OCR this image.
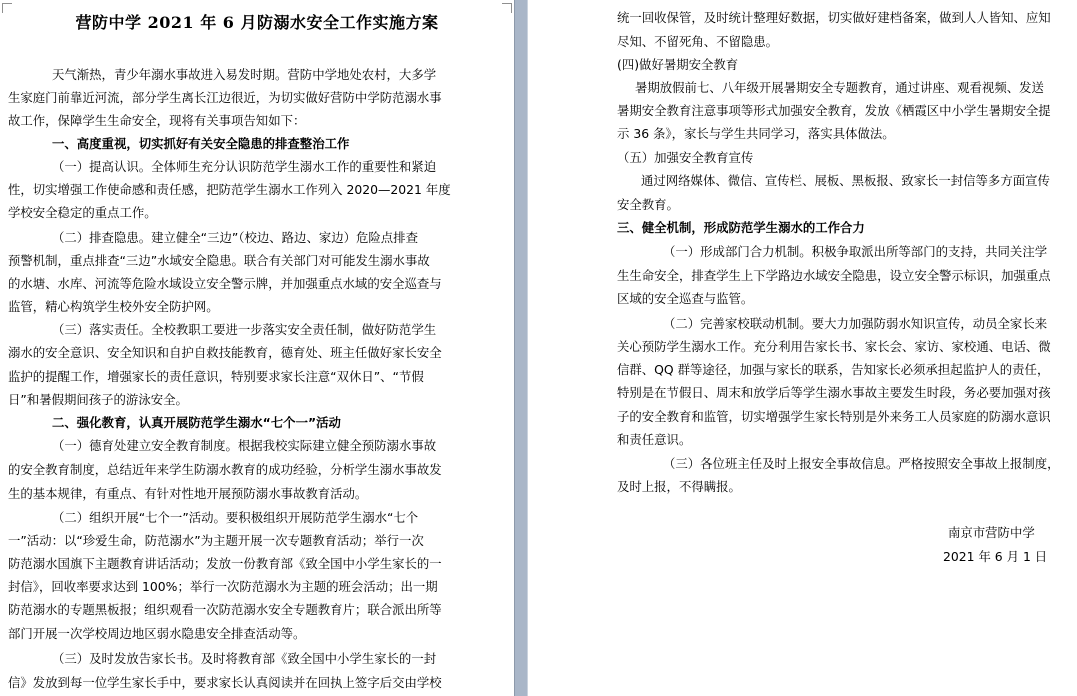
营防中学 2021 年 6 月防溺水安全工作实施方案
天气渐热，青少年溺水事故进入易发时期。营防中学地处农村，大多学
生家庭门前靠近河流，部分学生离长江边很近，为切实做好营防中学防范溺水事
故工作，保障学生生命安全，现将有关事项告知如下：
一、高度重视，切实抓好有关安全隐患的排查整治工作
（一）提高认识。全体师生充分认识防范学生溺水工作的重要性和紧迫
性，切实增强工作使命感和责任感，把防范学生溺水工作列入 2020—2021 年度
学校安全稳定的重点工作。
（二）排查隐患。建立健全“三边”（校边、路边、家边）危险点排查
预警机制，重点排查“三边”水域安全隐患。联合有关部门对可能发生溺水事故
的水塘、水库、河流等危险水域设立安全警示牌，并加强重点水域的安全巡查与
监管，精心构筑学生校外安全防护网。
（三）落实责任。全校教职工要进一步落实安全责任制，做好防范学生
溺水的安全意识、安全知识和自护自救技能教育，德育处、班主任做好家长安全
监护的提醒工作，增强家长的责任意识，特别要求家长注意“双休日”、“节假
日”和暑假期间孩子的游泳安全。
二、强化教育，认真开展防范学生溺水“七个一”活动
（一）德育处建立安全教育制度。根据我校实际建立健全预防溺水事故
的安全教育制度，总结近年来学生防溺水教育的成功经验，分析学生溺水事故发
生的基本规律，有重点、有针对性地开展预防溺水事故教育活动。
（二）组织开展“七个一”活动。要积极组织开展防范学生溺水“七个
一”活动：以“珍爱生命，防范溺水”为主题开展一次专题教育活动；举行一次
防范溺水国旗下主题教育讲话活动；发放一份教育部《致全国中小学生家长的一
封信》，回收率要求达到 100%；举行一次防范溺水为主题的班会活动；出一期
防范溺水的专题黑板报；组织观看一次防范溺水安全专题教育片；联合派出所等
部门开展一次学校周边地区弱水隐患安全排查活动等。
（三）及时发放告家长书。及时将教育部《致全国中小学生家长的一封
信》发放到每一位学生家长手中，要求家长认真阅读并在回执上签字后交由学校
统一回收保管，及时统计整理好数据，切实做好建档备案，做到人人皆知、应知
尽知、不留死角、不留隐患。
(四)做好暑期安全教育
暑期放假前七、八年级开展暑期安全专题教育，通过讲座、观看视频、发送
暑期安全教育注意事项等形式加强安全教育，发放《栖霞区中小学生暑期安全提
示 36 条》，家长与学生共同学习，落实具体做法。
（五）加强安全教育宣传
通过网络媒体、微信、宣传栏、展板、黑板报、致家长一封信等多方面宣传
安全教育。
三、健全机制，形成防范学生溺水的工作合力
（一）形成部门合力机制。积极争取派出所等部门的支持，共同关注学
生生命安全，排查学生上下学路边水域安全隐患，设立安全警示标识，加强重点
区域的安全巡查与监管。
（二）完善家校联动机制。要大力加强防弱水知识宣传，动员全家长来
关心预防学生溺水工作。充分利用告家长书、家长会、家访、家校通、电话、微
信群、QQ 群等途径，加强与家长的联系，告知家长必须承担起监护人的责任，
特别是在节假日、周末和放学后等学生溺水事故主要发生时段，务必要加强对孩
子的安全教育和监管，切实增强学生家长特别是外来务工人员家庭的防溺水意识
和责任意识。
（三）各位班主任及时上报安全事故信息。严格按照安全事故上报制度，
及时上报，不得瞒报。
南京市营防中学
2021 年 6 月 1 日
